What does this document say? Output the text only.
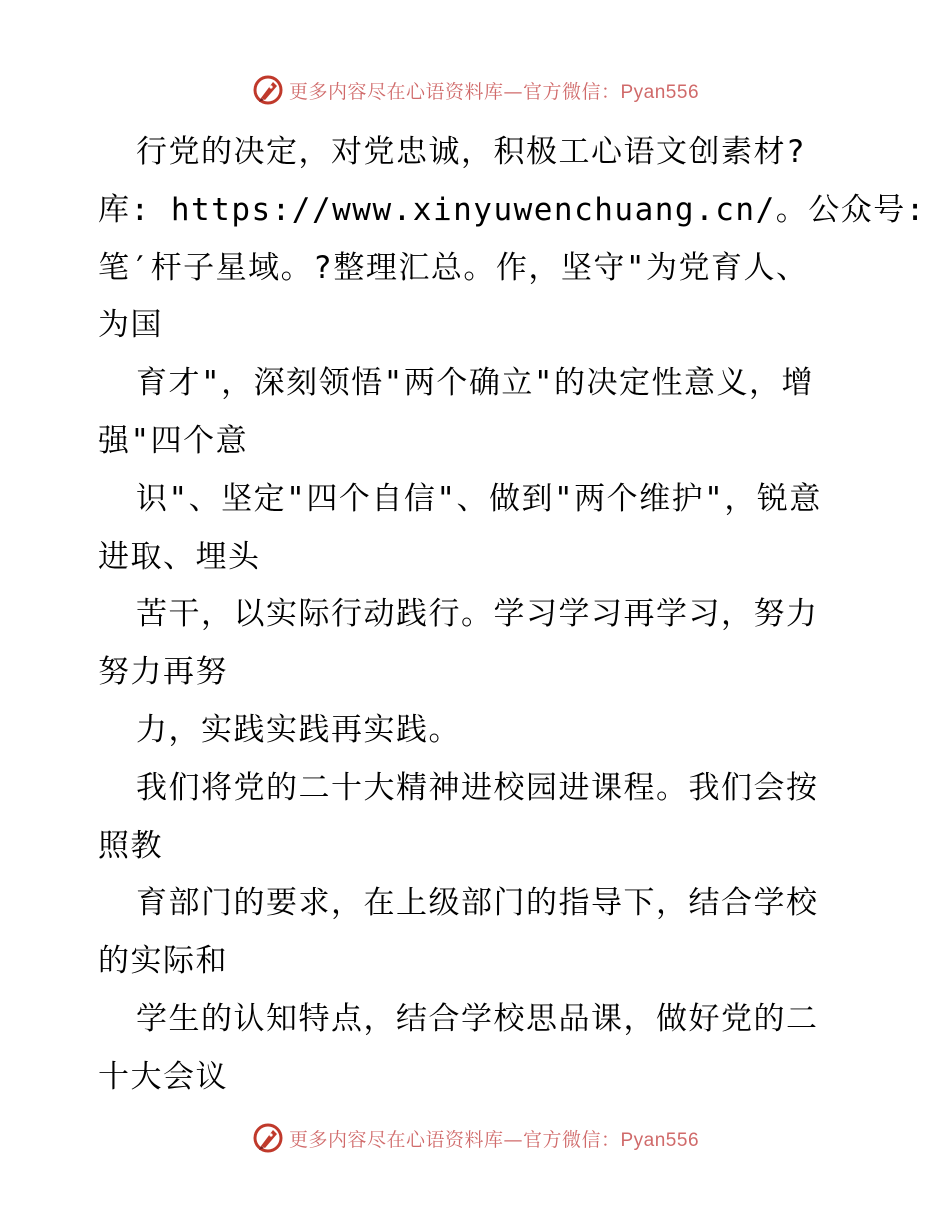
更多内容尽在心语资料库—官方微信：Pyan556
行党的决定，对党忠诚，积极工心语文创素材?
库: https://www.xinyuwenchuang.cn/。公众号:
笔′杆子星域。?整理汇总。作，坚守"为党育人、
为国
育才"，深刻领悟"两个确立"的决定性意义，增
强"四个意
识"、坚定"四个自信"、做到"两个维护"，锐意
进取、埋头
苦干，以实际行动践行。学习学习再学习，努力
努力再努
力，实践实践再实践。
我们将党的二十大精神进校园进课程。我们会按
照教
育部门的要求，在上级部门的指导下，结合学校
的实际和
学生的认知特点，结合学校思品课，做好党的二
十大会议
更多内容尽在心语资料库—官方微信：Pyan556
